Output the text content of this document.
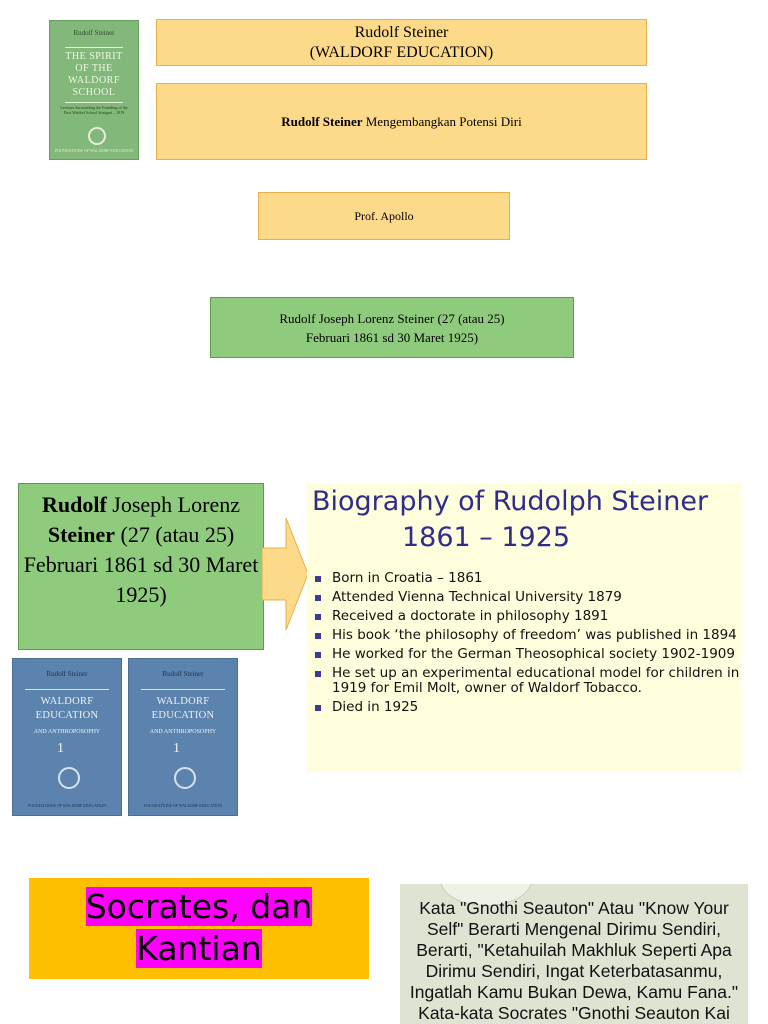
Rudolf Steiner
THE SPIRIT
OF THE
WALDORF
SCHOOL
Lectures Surrounding the Founding of the First Waldorf School Stuttgart – 1919
FOUNDATIONS OF WALDORF EDUCATION
Rudolf Steiner
(WALDORF EDUCATION)
Rudolf Steiner Mengembangkan Potensi Diri
Prof. Apollo
Rudolf Joseph Lorenz Steiner (27 (atau 25)
Februari 1861 sd 30 Maret 1925)
Rudolf Joseph Lorenz Steiner (27 (atau 25) Februari 1861 sd 30 Maret 1925)
Biography of Rudolph Steiner
1861 – 1925
Born in Croatia – 1861
Attended Vienna Technical University 1879
Received a doctorate in philosophy 1891
His book ‘the philosophy of freedom’ was published in 1894
He worked for the German Theosophical society 1902-1909
He set up an experimental educational model for children in 1919 for Emil Molt, owner of Waldorf Tobacco.
Died in 1925
Rudolf Steiner
WALDORF
EDUCATION
AND ANTHROPOSOPHY
1
FOUNDATIONS OF WALDORF EDUCATION
Rudolf Steiner
WALDORF
EDUCATION
AND ANTHROPOSOPHY
1
FOUNDATIONS OF WALDORF EDUCATION
Socrates, dan
Kantian
Kata "Gnothi Seauton" Atau "Know Your
Self" Berarti Mengenal Dirimu Sendiri,
Berarti, "Ketahuilah Makhluk Seperti Apa
Dirimu Sendiri, Ingat Keterbatasanmu,
Ingatlah Kamu Bukan Dewa, Kamu Fana."
Kata-kata Socrates "Gnothi Seauton Kai
